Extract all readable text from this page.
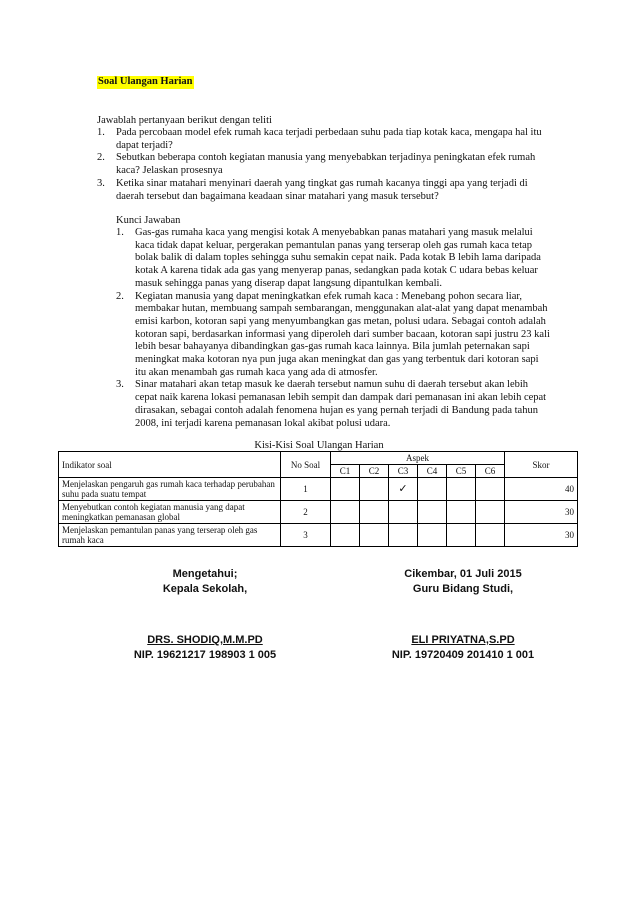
Soal Ulangan Harian
Jawablah pertanyaan berikut dengan teliti
1. Pada percobaan model efek rumah kaca terjadi perbedaan suhu pada tiap kotak kaca, mengapa hal itu dapat terjadi?
2. Sebutkan beberapa contoh kegiatan manusia yang menyebabkan terjadinya peningkatan efek rumah kaca? Jelaskan prosesnya
3. Ketika sinar matahari menyinari daerah yang tingkat gas rumah kacanya tinggi apa yang terjadi di daerah tersebut dan bagaimana keadaan sinar matahari yang masuk tersebut?
Kunci Jawaban
1. Gas-gas rumaha kaca yang mengisi kotak A menyebabkan panas matahari yang masuk melalui kaca tidak dapat keluar, pergerakan pemantulan panas yang terserap oleh gas rumah kaca tetap bolak balik di dalam toples sehingga suhu semakin cepat naik. Pada kotak B lebih lama daripada kotak A karena tidak ada gas yang menyerap panas, sedangkan pada kotak C udara bebas keluar masuk sehingga panas yang diserap dapat langsung dipantulkan kembali.
2. Kegiatan manusia yang dapat meningkatkan efek rumah kaca : Menebang pohon secara liar, membakar hutan, membuang sampah sembarangan, menggunakan alat-alat yang dapat menambah emisi karbon, kotoran sapi yang menyumbangkan gas metan, polusi udara. Sebagai contoh adalah kotoran sapi, berdasarkan informasi yang diperoleh dari sumber bacaan, kotoran sapi justru 23 kali lebih besar bahayanya dibandingkan gas-gas rumah kaca lainnya. Bila jumlah peternakan sapi meningkat maka kotoran nya pun juga akan meningkat dan gas yang terbentuk dari kotoran sapi itu akan menambah gas rumah kaca yang ada di atmosfer.
3. Sinar matahari akan tetap masuk ke daerah tersebut namun suhu di daerah tersebut akan lebih cepat naik karena lokasi pemanasan lebih sempit dan dampak dari pemanasan ini akan lebih cepat dirasakan, sebagai contoh adalah fenomena hujan es yang pernah terjadi di Bandung pada tahun 2008, ini terjadi karena pemanasan lokal akibat polusi udara.
Kisi-Kisi Soal Ulangan Harian
Indikator soal	No Soal	Aspek						Skor
		C1	C2	C3	C4	C5	C6	
Menjelaskan pengaruh gas rumah kaca terhadap perubahan suhu pada suatu tempat	1			✓				40
Menyebutkan contoh kegiatan manusia yang dapat meningkatkan pemanasan global	2							30
Menjelaskan pemantulan panas yang terserap oleh gas rumah kaca	3							30
Mengetahui;
Kepala Sekolah,
DRS. SHODIQ,M.M.PD
NIP. 19621217 198903 1 005
Cikembar, 01 Juli 2015
Guru Bidang Studi,
ELI PRIYATNA,S.PD
NIP. 19720409 201410 1 001
